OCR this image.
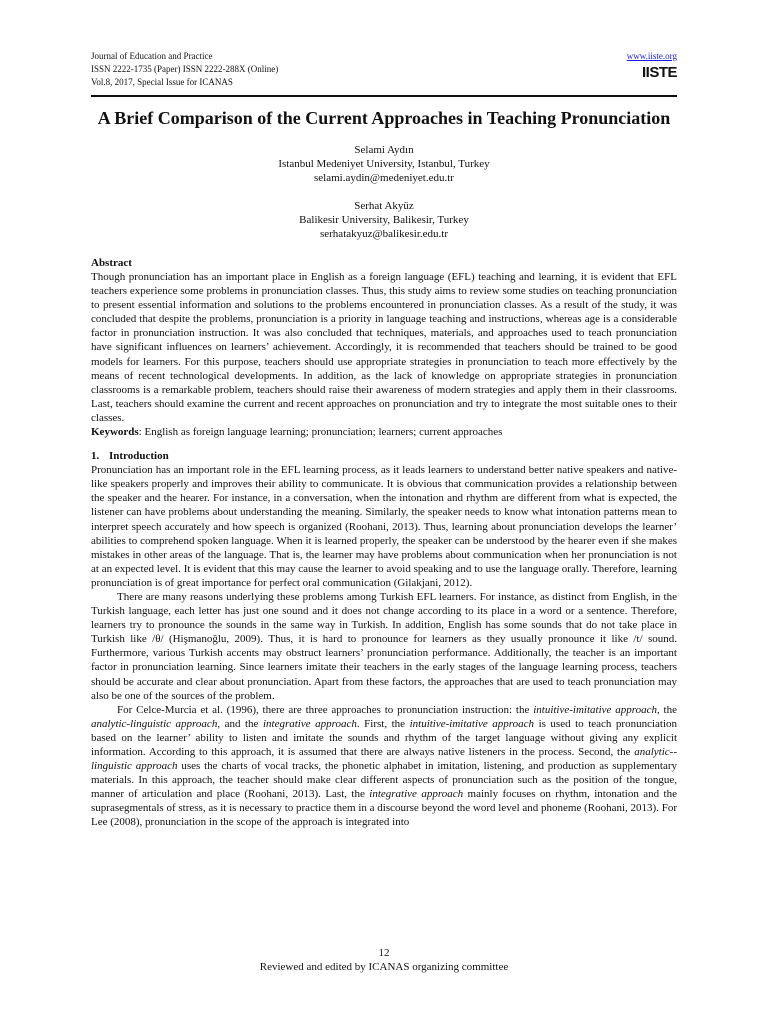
Journal of Education and Practice
ISSN 2222-1735 (Paper) ISSN 2222-288X (Online)
Vol.8, 2017, Special Issue for ICANAS
www.iiste.org
IISTE
A Brief Comparison of the Current Approaches in Teaching Pronunciation
Selami Aydın
Istanbul Medeniyet University, Istanbul, Turkey
selami.aydin@medeniyet.edu.tr
Serhat Akyüz
Balikesir University, Balikesir, Turkey
serhatakyuz@balikesir.edu.tr
Abstract

Though pronunciation has an important place in English as a foreign language (EFL) teaching and learning, it is evident that EFL teachers experience some problems in pronunciation classes. Thus, this study aims to review some studies on teaching pronunciation to present essential information and solutions to the problems encountered in pronunciation classes. As a result of the study, it was concluded that despite the problems, pronunciation is a priority in language teaching and instructions, whereas age is a considerable factor in pronunciation instruction. It was also concluded that techniques, materials, and approaches used to teach pronunciation have significant influences on learners’ achievement. Accordingly, it is recommended that teachers should be trained to be good models for learners. For this purpose, teachers should use appropriate strategies in pronunciation to teach more effectively by the means of recent technological developments. In addition, as the lack of knowledge on appropriate strategies in pronunciation classrooms is a remarkable problem, teachers should raise their awareness of modern strategies and apply them in their classrooms. Last, teachers should examine the current and recent approaches on pronunciation and try to integrate the most suitable ones to their classes.

Keywords: English as foreign language learning; pronunciation; learners; current approaches

1. Introduction

Pronunciation has an important role in the EFL learning process, as it leads learners to understand better native speakers and native-like speakers properly and improves their ability to communicate. It is obvious that communication provides a relationship between the speaker and the hearer. For instance, in a conversation, when the intonation and rhythm are different from what is expected, the listener can have problems about understanding the meaning. Similarly, the speaker needs to know what intonation patterns mean to interpret speech accurately and how speech is organized (Roohani, 2013). Thus, learning about pronunciation develops the learner’ abilities to comprehend spoken language. When it is learned properly, the speaker can be understood by the hearer even if she makes mistakes in other areas of the language. That is, the learner may have problems about communication when her pronunciation is not at an expected level. It is evident that this may cause the learner to avoid speaking and to use the language orally. Therefore, learning pronunciation is of great importance for perfect oral communication (Gilakjani, 2012).

There are many reasons underlying these problems among Turkish EFL learners. For instance, as distinct from English, in the Turkish language, each letter has just one sound and it does not change according to its place in a word or a sentence. Therefore, learners try to pronounce the sounds in the same way in Turkish. In addition, English has some sounds that do not take place in Turkish like /θ/ (Hişmanoğlu, 2009). Thus, it is hard to pronounce for learners as they usually pronounce it like /t/ sound. Furthermore, various Turkish accents may obstruct learners’ pronunciation performance. Additionally, the teacher is an important factor in pronunciation learning. Since learners imitate their teachers in the early stages of the language learning process, teachers should be accurate and clear about pronunciation. Apart from these factors, the approaches that are used to teach pronunciation may also be one of the sources of the problem.

For Celce-Murcia et al. (1996), there are three approaches to pronunciation instruction: the intuitive-imitative approach, the analytic-linguistic approach, and the integrative approach. First, the intuitive-imitative approach is used to teach pronunciation based on the learner’ ability to listen and imitate the sounds and rhythm of the target language without giving any explicit information. According to this approach, it is assumed that there are always native listeners in the process. Second, the analytic--linguistic approach uses the charts of vocal tracks, the phonetic alphabet in imitation, listening, and production as supplementary materials. In this approach, the teacher should make clear different aspects of pronunciation such as the position of the tongue, manner of articulation and place (Roohani, 2013). Last, the integrative approach mainly focuses on rhythm, intonation and the suprasegmentals of stress, as it is necessary to practice them in a discourse beyond the word level and phoneme (Roohani, 2013). For Lee (2008), pronunciation in the scope of the approach is integrated into

12
Reviewed and edited by ICANAS organizing committee
